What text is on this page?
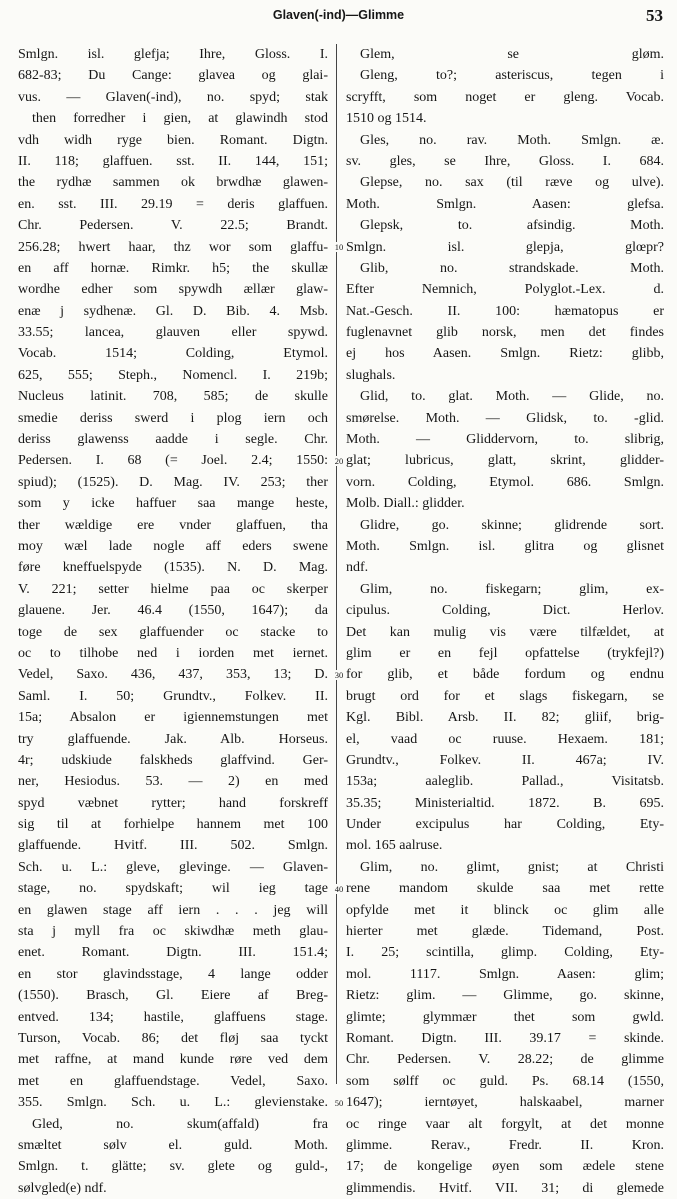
Glaven(-ind)—Glimme	53
Smlgn. isl. glefja; Ihre, Gloss. I.
682-83; Du Cange: glavea og glai-
vus. — Glaven(-ind), no. spyd; stak
then forredher i gien, at glawindh stod
vdh widh ryge bien. Romant. Digtn.
II. 118; glaffuen. sst. II. 144, 151;
the rydhæ sammen ok brwdhæ glawen-
en. sst. III. 29.19 = deris glaffuen.
Chr. Pedersen. V. 22.5; Brandt.
256.28; hwert haar, thz wor som glaffu-
en aff hornæ. Rimkr. h5; the skullæ
wordhe edher som spywdh ællær glaw-
enæ j sydhenæ. Gl. D. Bib. 4. Msb.
33.55; lancea, glauven eller spywd.
Vocab. 1514; Colding, Etymol.
625, 555; Steph., Nomencl. I. 219b;
Nucleus latinit. 708, 585; de skulle
smedie deriss swerd i plog iern och
deriss glawenss aadde i segle. Chr.
Pedersen. I. 68 (= Joel. 2.4; 1550:
spiud); (1525). D. Mag. IV. 253; ther
som y icke haffuer saa mange heste,
ther wældige ere vnder glaffuen, tha
moy wæl lade nogle aff eders swene
føre kneffuelspyde (1535). N. D. Mag.
V. 221; setter hielme paa oc skerper
glauene. Jer. 46.4 (1550, 1647); da
toge de sex glaffuender oc stacke to
oc to tilhobe ned i iorden met iernet.
Vedel, Saxo. 436, 437, 353, 13; D.
Saml. I. 50; Grundtv., Folkev. II.
15a; Absalon er igiennemstungen met
try glaffuende. Jak. Alb. Horseus.
4r; udskiude falskheds glaffvind. Ger-
ner, Hesiodus. 53. — 2) en med
spyd væbnet rytter; hand forskreff
sig til at forhielpe hannem met 100
glaffuende. Hvitf. III. 502. Smlgn.
Sch. u. L.: gleve, glevinge. — Glaven-
stage, no. spydskaft; wil ieg tage
en glawen stage aff iern . . . jeg will
sta j myll fra oc skiwdhæ meth glau-
enet. Romant. Digtn. III. 151.4;
en stor glavindsstage, 4 lange odder
(1550). Brasch, Gl. Eiere af Breg-
entved. 134; hastile, glaffuens stage.
Turson, Vocab. 86; det fløj saa tyckt
met raffne, at mand kunde røre ved dem
met en glaffuendstage. Vedel, Saxo.
355. Smlgn. Sch. u. L.: glevienstake.
Gled, no. skum(affald) fra
smæltet sølv el. guld. Moth.
Smlgn. t. glätte; sv. glete og guld-,
sølvgled(e) ndf.
10
20
30
40
50
Glem, se gløm.
Gleng, to?; asteriscus, tegen i
scryfft, som noget er gleng. Vocab.
1510 og 1514.
Gles, no. rav. Moth. Smlgn. æ.
sv. gles, se Ihre, Gloss. I. 684.
Glepse, no. sax (til ræve og ulve).
Moth. Smlgn. Aasen: glefsa.
Glepsk, to. afsindig. Moth.
Smlgn. isl. glepja, glœpr?
Glib, no. strandskade. Moth.
Efter Nemnich, Polyglot.-Lex. d.
Nat.-Gesch. II. 100: hæmatopus er
fuglenavnet glib norsk, men det findes
ej hos Aasen. Smlgn. Rietz: glibb,
slughals.
Glid, to. glat. Moth. — Glide, no.
smørelse. Moth. — Glidsk, to. -glid.
Moth. — Gliddervorn, to. slibrig,
glat; lubricus, glatt, skrint, glidder-
vorn. Colding, Etymol. 686. Smlgn.
Molb. Diall.: glidder.
Glidre, go. skinne; glidrende sort.
Moth. Smlgn. isl. glitra og glisnet
ndf.
Glim, no. fiskegarn; glim, ex-
cipulus. Colding, Dict. Herlov.
Det kan mulig vis være tilfældet, at
glim er en fejl opfattelse (trykfejl?)
for glib, et både fordum og endnu
brugt ord for et slags fiskegarn, se
Kgl. Bibl. Arsb. II. 82; gliif, brig-
el, vaad oc ruuse. Hexaem. 181;
Grundtv., Folkev. II. 467a; IV.
153a; aaleglib. Pallad., Visitatsb.
35.35; Ministerialtid. 1872. B. 695.
Under excipulus har Colding, Ety-
mol. 165 aalruse.
Glim, no. glimt, gnist; at Christi
rene mandom skulde saa met rette
opfylde met it blinck oc glim alle
hierter met glæde. Tidemand, Post.
I. 25; scintilla, glimp. Colding, Ety-
mol. 1117. Smlgn. Aasen: glim;
Rietz: glim. — Glimme, go. skinne,
glimte; glymmær thet som gwld.
Romant. Digtn. III. 39.17 = skinde.
Chr. Pedersen. V. 28.22; de glimme
som sølff oc guld. Ps. 68.14 (1550,
1647); ierntøyet, halskaabel, marner
oc ringe vaar alt forgylt, at det monne
glimme. Rerav., Fredr. II. Kron.
17; de kongelige øyen som ædele stene
glimmendis. Hvitf. VII. 31; di glemede
